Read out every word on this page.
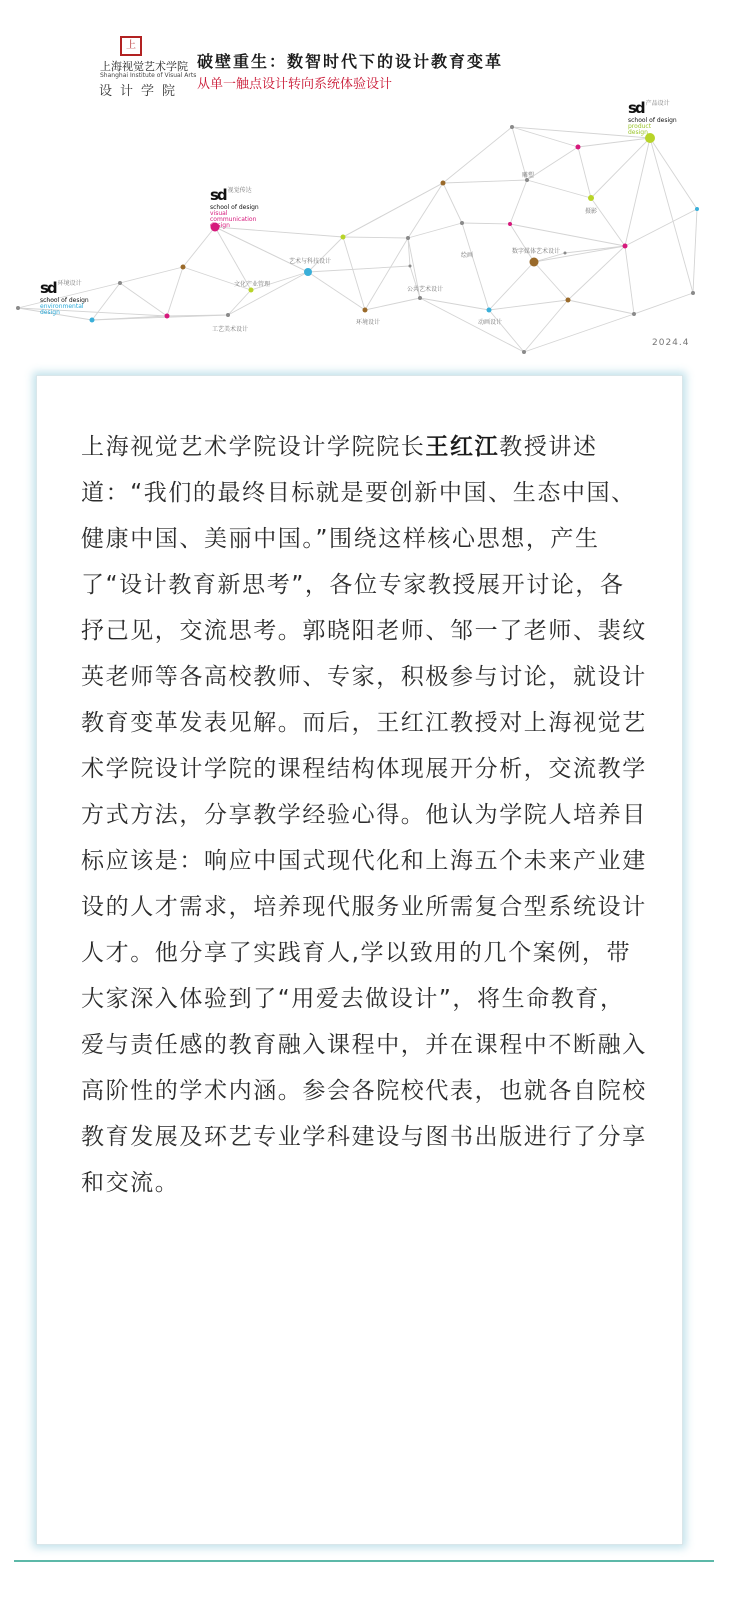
上
上海视觉艺术学院
Shanghai Institute of Visual Arts
设计学院
破壁重生：数智时代下的设计教育变革
从单一触点设计转向系统体验设计
2024.4
sd 产品设计
school of design
product
design
sd 视觉传达
school of design
visual
communication
design
sd 环境设计
school of design
environmental
design
雕塑
摄影
数字媒体艺术设计
绘画
艺术与科技设计
文化产业管理
公共艺术设计
工艺美术设计
环境设计	动画设计

上海视觉艺术学院设计学院院长王红江教授讲述道：“我们的最终目标就是要创新中国、生态中国、健康中国、美丽中国。”围绕这样核心思想，产生了“设计教育新思考”，各位专家教授展开讨论，各抒己见，交流思考。郭晓阳老师、邹一了老师、裴纹英老师等各高校教师、专家，积极参与讨论，就设计教育变革发表见解。而后，王红江教授对上海视觉艺术学院设计学院的课程结构体现展开分析，交流教学方式方法，分享教学经验心得。他认为学院人培养目标应该是：响应中国式现代化和上海五个未来产业建设的人才需求，培养现代服务业所需复合型系统设计人才。他分享了实践育人,学以致用的几个案例，带大家深入体验到了“用爱去做设计”，将生命教育，爱与责任感的教育融入课程中，并在课程中不断融入高阶性的学术内涵。参会各院校代表，也就各自院校教育发展及环艺专业学科建设与图书出版进行了分享和交流。
